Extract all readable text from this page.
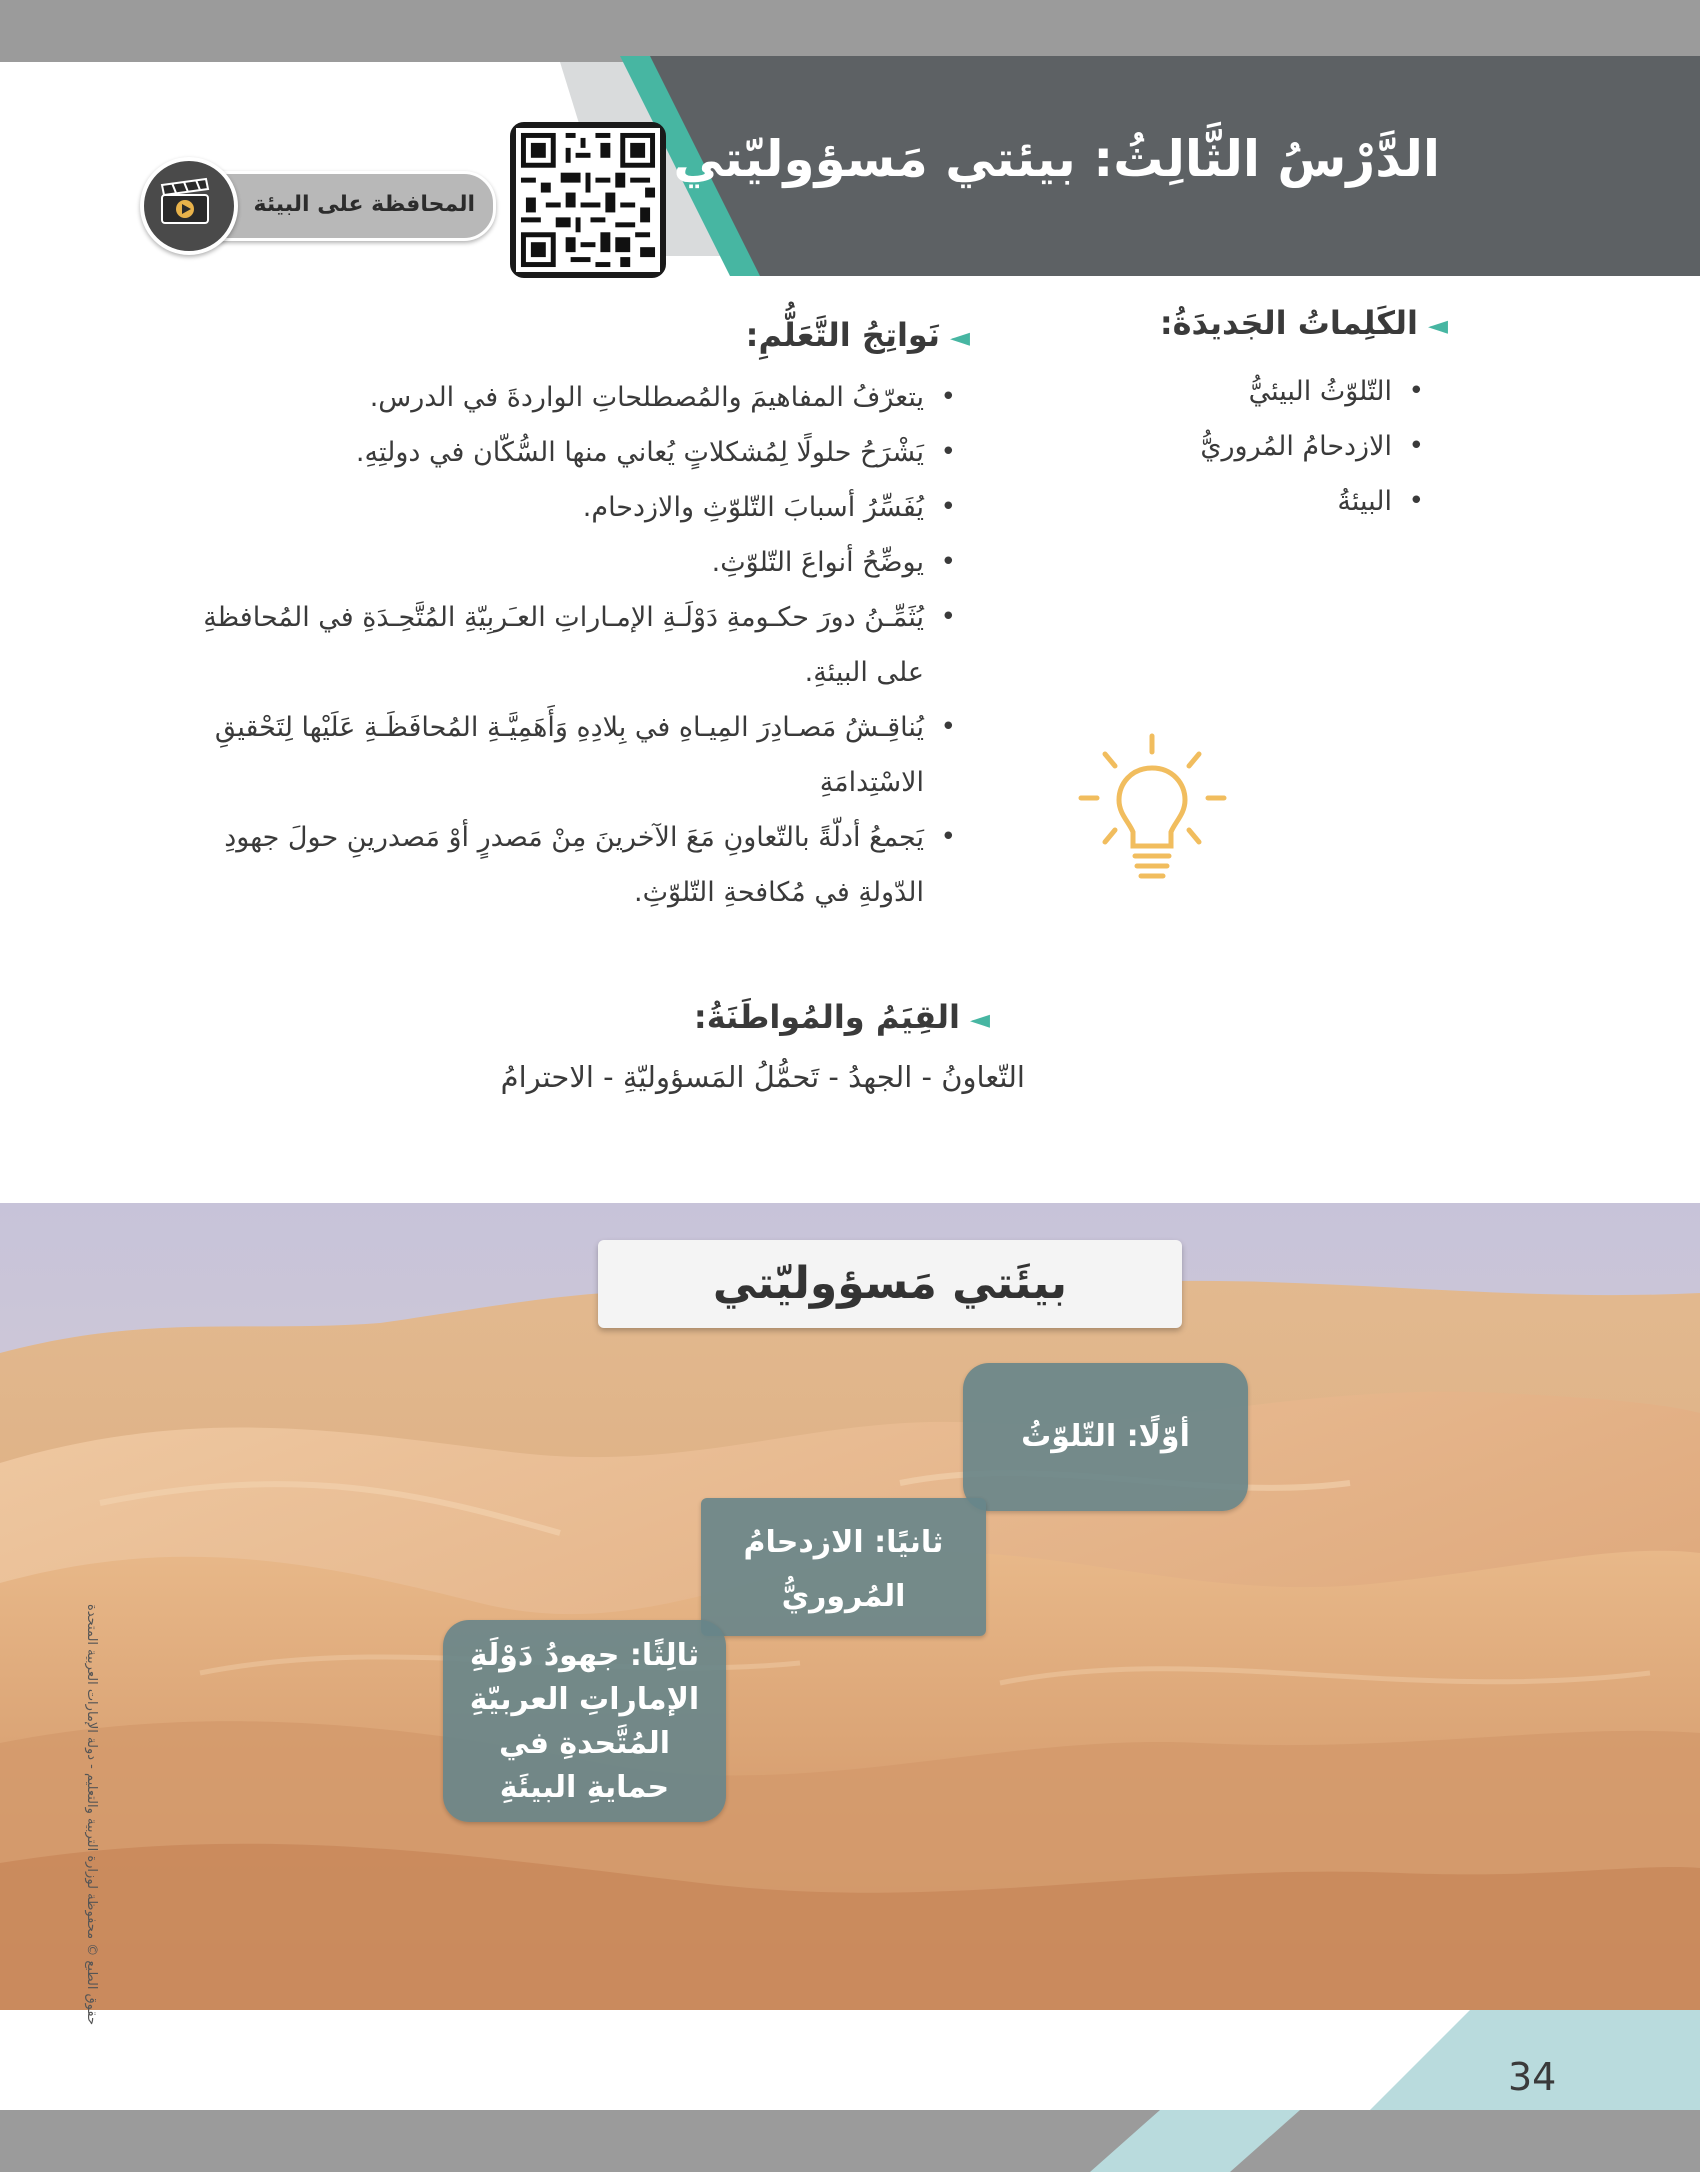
الدَّرْسُ الثَّالِثُ: بيئتي مَسؤوليّتي
المحافظة على البيئة
◄الكَلِماتُ الجَديدَةُ:
• التّلوّثُ البيئيُّ
• الازدحامُ المُروريُّ
• البيئةُ
◄نَواتِجُ التَّعَلُّمِ:
• يتعرّفُ المفاهيمَ والمُصطلحاتِ الواردةَ في الدرس.
• يَشْرَحُ حلولًا لِمُشكلاتٍ يُعاني منها السُّكّان في دولتِهِ.
• يُفَسِّرُ أسبابَ التّلوّثِ والازدحام.
• يوضِّحُ أنواعَ التّلوّثِ.
• يُثَمِّـنُ دورَ حكـومةِ دَوْلَـةِ الإمـاراتِ العـَربِيّةِ المُتَّحِـدَةِ في المُحافظةِ على البيئةِ.
• يُناقِـشُ مَصـادِرَ المِيـاهِ في بِلادِهِ وَأَهَمِيَّـةِ المُحافَظَـةِ عَلَيْها لِتَحْقيقِ الاسْتِدامَةِ
• يَجمعُ أدلّةً بالتّعاونِ مَعَ الآخرينَ مِنْ مَصدرٍ أوْ مَصدرينِ حولَ جهودِ الدّولةِ في مُكافحةِ التّلوّثِ.
◄القِيَمُ والمُواطَنَةُ:
التّعاونُ - الجهدُ - تَحمُّلُ المَسؤوليّةِ - الاحترامُ
بيئَتي مَسؤوليّتي
أوّلًا: التّلوّثُ
ثانيًا: الازدحامُ
المُروريُّ
ثالِثًا: جهودُ دَوْلَةِ
الإماراتِ العربيّةِ
المُتَّحدةِ في
حمايةِ البيئَةِ
حقوق الطبع © محفوظة لوزارة التربية والتعليم - دولة الإمارات العربية المتحدة
34
